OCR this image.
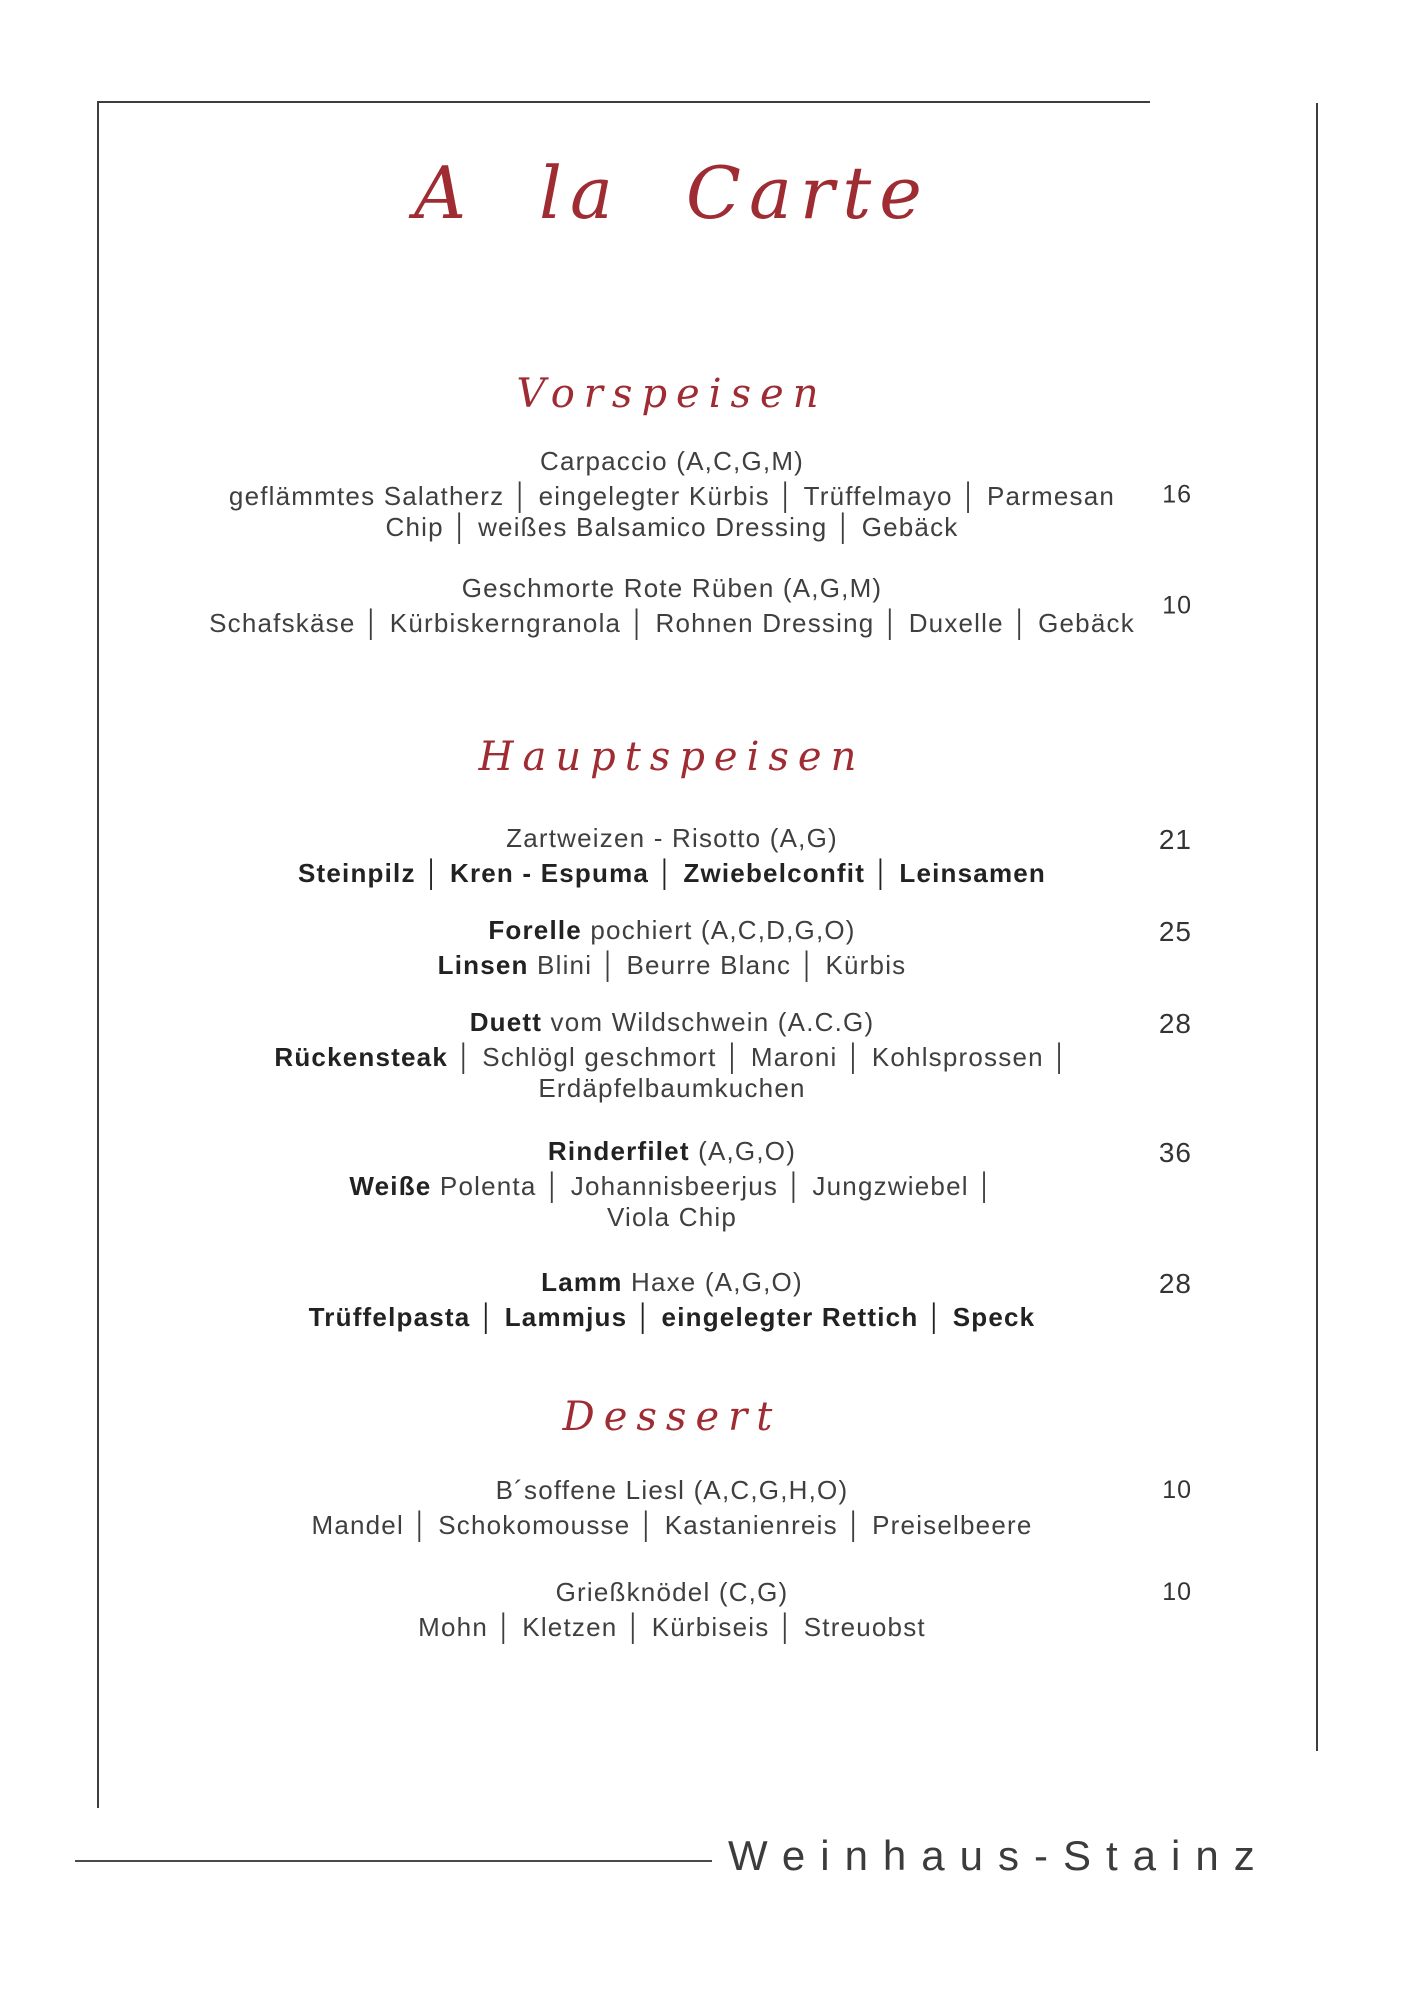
A la Carte
Vorspeisen
Carpaccio (A,C,G,M)
geflämmtes Salatherz │ eingelegter Kürbis │ Trüffelmayo │ Parmesan
Chip │ weißes Balsamico Dressing │ Gebäck
16
Geschmorte Rote Rüben (A,G,M)
Schafskäse │ Kürbiskerngranola │ Rohnen Dressing │ Duxelle │ Gebäck
10
Hauptspeisen
Zartweizen - Risotto (A,G)
Steinpilz │ Kren - Espuma │ Zwiebelconfit │ Leinsamen
21
Forelle pochiert (A,C,D,G,O)
Linsen Blini │ Beurre Blanc │ Kürbis
25
Duett vom Wildschwein (A.C.G)
Rückensteak │ Schlögl geschmort │ Maroni │ Kohlsprossen │
Erdäpfelbaumkuchen
28
Rinderfilet (A,G,O)
Weiße Polenta │ Johannisbeerjus │ Jungzwiebel │
Viola Chip
36
Lamm Haxe (A,G,O)
Trüffelpasta │ Lammjus │ eingelegter Rettich │ Speck
28
Dessert
B´soffene Liesl (A,C,G,H,O)
Mandel │ Schokomousse │ Kastanienreis │ Preiselbeere
10
Grießknödel (C,G)
Mohn │ Kletzen │ Kürbiseis │ Streuobst
10
Weinhaus-Stainz
